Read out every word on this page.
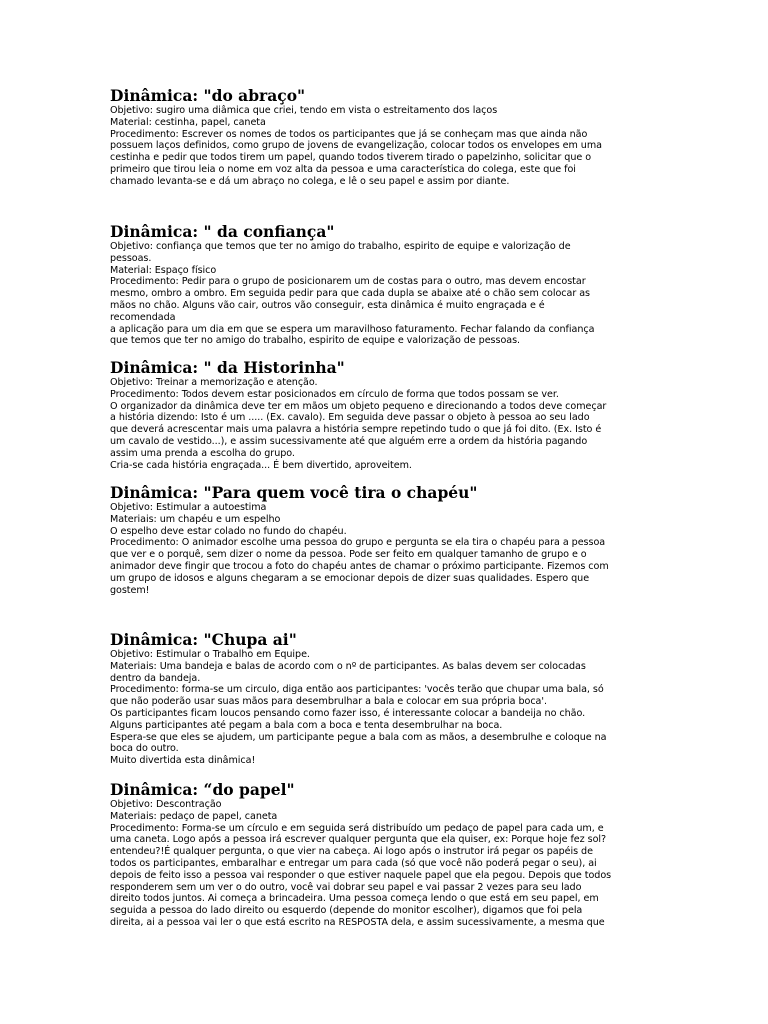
Dinâmica: "do abraço"
Objetivo: sugiro uma diâmica que criei, tendo em vista o estreitamento dos laços
Material: cestinha, papel, caneta
Procedimento: Escrever os nomes de todos os participantes que já se conheçam mas que ainda não
possuem laços definidos, como grupo de jovens de evangelização, colocar todos os envelopes em uma
cestinha e pedir que todos tirem um papel, quando todos tiverem tirado o papelzinho, solicitar que o
primeiro que tirou leia o nome em voz alta da pessoa e uma característica do colega, este que foi
chamado levanta-se e dá um abraço no colega, e lê o seu papel e assim por diante.
Dinâmica: " da confiança"
Objetivo: confiança que temos que ter no amigo do trabalho, espirito de equipe e valorização de
pessoas.
Material: Espaço físico
Procedimento: Pedir para o grupo de posicionarem um de costas para o outro, mas devem encostar
mesmo, ombro a ombro. Em seguida pedir para que cada dupla se abaixe até o chão sem colocar as
mãos no chão. Alguns vão cair, outros vão conseguir, esta dinâmica é muito engraçada e é
recomendada
a aplicação para um dia em que se espera um maravilhoso faturamento. Fechar falando da confiança
que temos que ter no amigo do trabalho, espirito de equipe e valorização de pessoas.
Dinâmica: " da Historinha"
Objetivo: Treinar a memorização e atenção.
Procedimento: Todos devem estar posicionados em círculo de forma que todos possam se ver.
O organizador da dinâmica deve ter em mãos um objeto pequeno e direcionando a todos deve começar
a história dizendo: Isto é um ..... (Ex. cavalo). Em seguida deve passar o objeto à pessoa ao seu lado
que deverá acrescentar mais uma palavra a história sempre repetindo tudo o que já foi dito. (Ex. Isto é
um cavalo de vestido...), e assim sucessivamente até que alguém erre a ordem da história pagando
assim uma prenda a escolha do grupo.
Cria-se cada história engraçada... É bem divertido, aproveitem.
Dinâmica: "Para quem você tira o chapéu"
Objetivo: Estimular a autoestima
Materiais: um chapéu e um espelho
O espelho deve estar colado no fundo do chapéu.
Procedimento: O animador escolhe uma pessoa do grupo e pergunta se ela tira o chapéu para a pessoa
que ver e o porquê, sem dizer o nome da pessoa. Pode ser feito em qualquer tamanho de grupo e o
animador deve fingir que trocou a foto do chapéu antes de chamar o próximo participante. Fizemos com
um grupo de idosos e alguns chegaram a se emocionar depois de dizer suas qualidades. Espero que
gostem!
Dinâmica: "Chupa ai"
Objetivo: Estimular o Trabalho em Equipe.
Materiais: Uma bandeja e balas de acordo com o nº de participantes. As balas devem ser colocadas
dentro da bandeja.
Procedimento: forma-se um circulo, diga então aos participantes: 'vocês terão que chupar uma bala, só
que não poderão usar suas mãos para desembrulhar a bala e colocar em sua própria boca'.
Os participantes ficam loucos pensando como fazer isso, é interessante colocar a bandeija no chão.
Alguns participantes até pegam a bala com a boca e tenta desembrulhar na boca.
Espera-se que eles se ajudem, um participante pegue a bala com as mãos, a desembrulhe e coloque na
boca do outro.
Muito divertida esta dinâmica!
Dinâmica: “do papel"
Objetivo: Descontração
Materiais: pedaço de papel, caneta
Procedimento: Forma-se um círculo e em seguida será distribuído um pedaço de papel para cada um, e
uma caneta. Logo após a pessoa irá escrever qualquer pergunta que ela quiser, ex: Porque hoje fez sol?
entendeu?!É qualquer pergunta, o que vier na cabeça. Ai logo após o instrutor irá pegar os papéis de
todos os participantes, embaralhar e entregar um para cada (só que você não poderá pegar o seu), ai
depois de feito isso a pessoa vai responder o que estiver naquele papel que ela pegou. Depois que todos
responderem sem um ver o do outro, você vai dobrar seu papel e vai passar 2 vezes para seu lado
direito todos juntos. Ai começa a brincadeira. Uma pessoa começa lendo o que está em seu papel, em
seguida a pessoa do lado direito ou esquerdo (depende do monitor escolher), digamos que foi pela
direita, ai a pessoa vai ler o que está escrito na RESPOSTA dela, e assim sucessivamente, a mesma que
